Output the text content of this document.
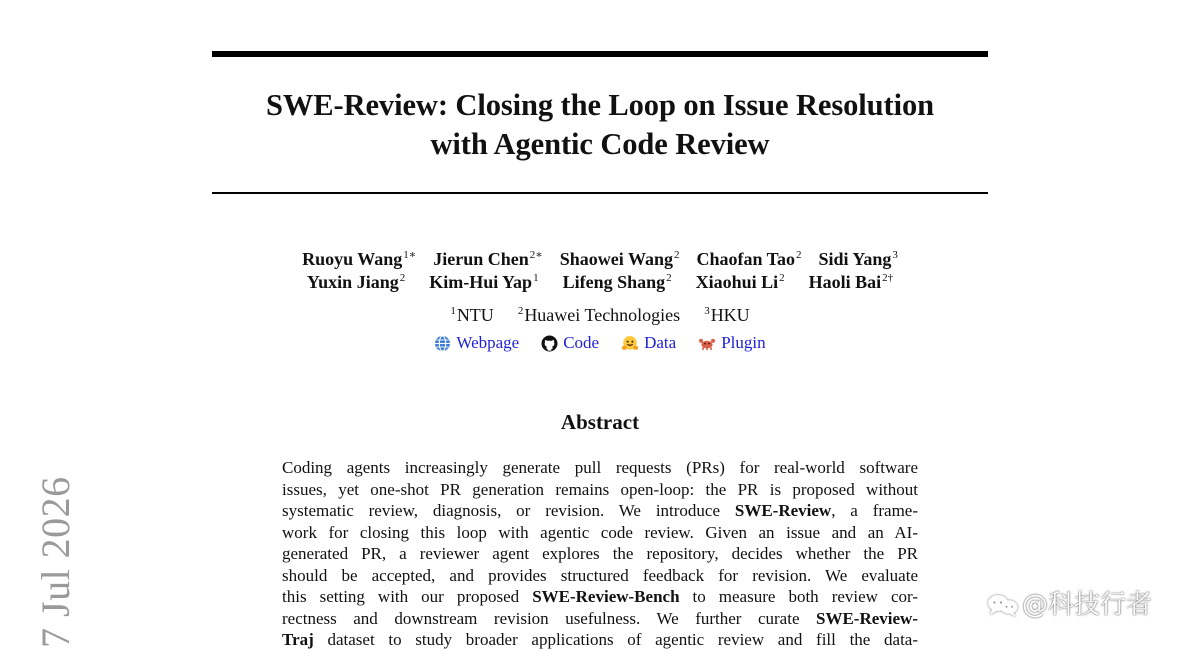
SWE-Review: Closing the Loop on Issue Resolution
with Agentic Code Review
Ruoyu Wang$^{1∗}$ Jierun Chen$^{2∗}$ Shaowei Wang$^2$ Chaofan Tao$^2$ Sidi Yang$^3$
Yuxin Jiang$^2$ Kim-Hui Yap$^1$ Lifeng Shang$^2$ Xiaohui Li$^2$ Haoli Bai$^{2\dagger}$
$^1$NTU $^2$Huawei Technologies $^3$HKU
Webpage	Code	Data	Plugin
Abstract
Coding agents increasingly generate pull requests (PRs) for real-world software
issues, yet one-shot PR generation remains open-loop: the PR is proposed without
systematic review, diagnosis, or revision. We introduce SWE-Review, a frame-
work for closing this loop with agentic code review. Given an issue and an AI-
generated PR, a reviewer agent explores the repository, decides whether the PR
should be accepted, and provides structured feedback for revision. We evaluate
this setting with our proposed SWE-Review-Bench to measure both review cor-
rectness and downstream revision usefulness. We further curate SWE-Review-
Traj dataset to study broader applications of agentic review and fill the data-
7 Jul 2026	@科技行者
